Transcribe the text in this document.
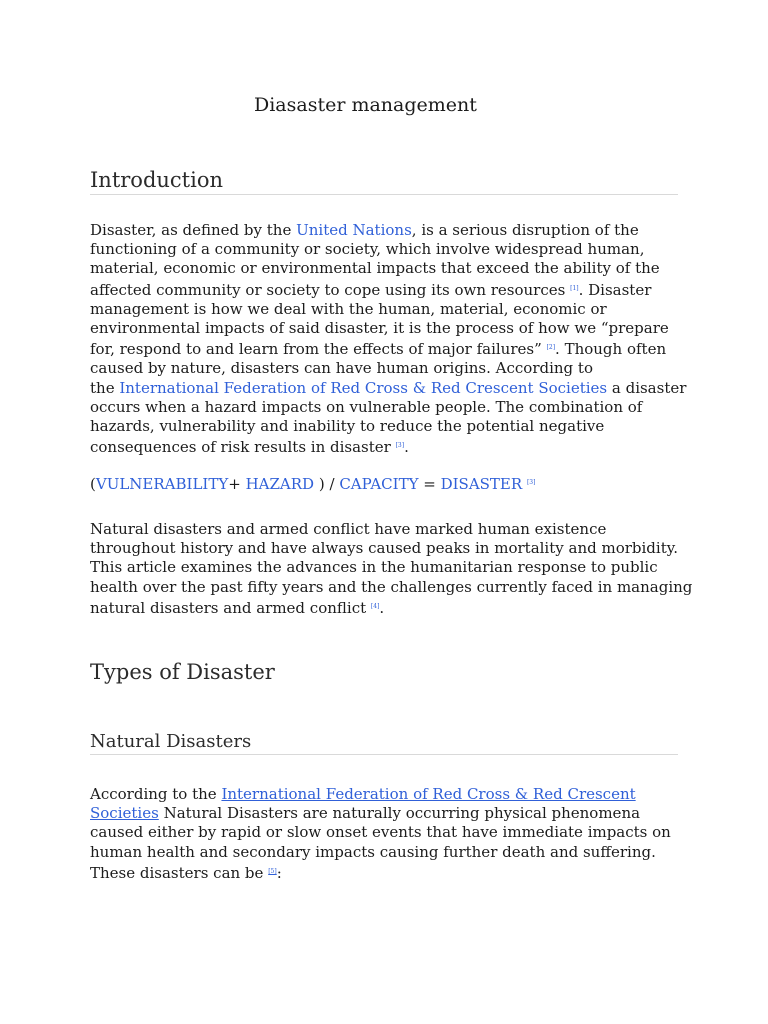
Diasaster management
Introduction

Disaster, as defined by the United Nations, is a serious disruption of the
functioning of a community or society, which involve widespread human,
material, economic or environmental impacts that exceed the ability of the
affected community or society to cope using its own resources [1]. Disaster
management is how we deal with the human, material, economic or
environmental impacts of said disaster, it is the process of how we “prepare
for, respond to and learn from the effects of major failures” [2]. Though often
caused by nature, disasters can have human origins. According to
the International Federation of Red Cross & Red Crescent Societies a disaster
occurs when a hazard impacts on vulnerable people. The combination of
hazards, vulnerability and inability to reduce the potential negative
consequences of risk results in disaster [3].

(VULNERABILITY+ HAZARD ) / CAPACITY = DISASTER [3]

Natural disasters and armed conflict have marked human existence
throughout history and have always caused peaks in mortality and morbidity.
This article examines the advances in the humanitarian response to public
health over the past fifty years and the challenges currently faced in managing
natural disasters and armed conflict [4].

Types of Disaster
Natural Disasters

According to the International Federation of Red Cross & Red Crescent
Societies Natural Disasters are naturally occurring physical phenomena
caused either by rapid or slow onset events that have immediate impacts on
human health and secondary impacts causing further death and suffering.
These disasters can be [5]:
